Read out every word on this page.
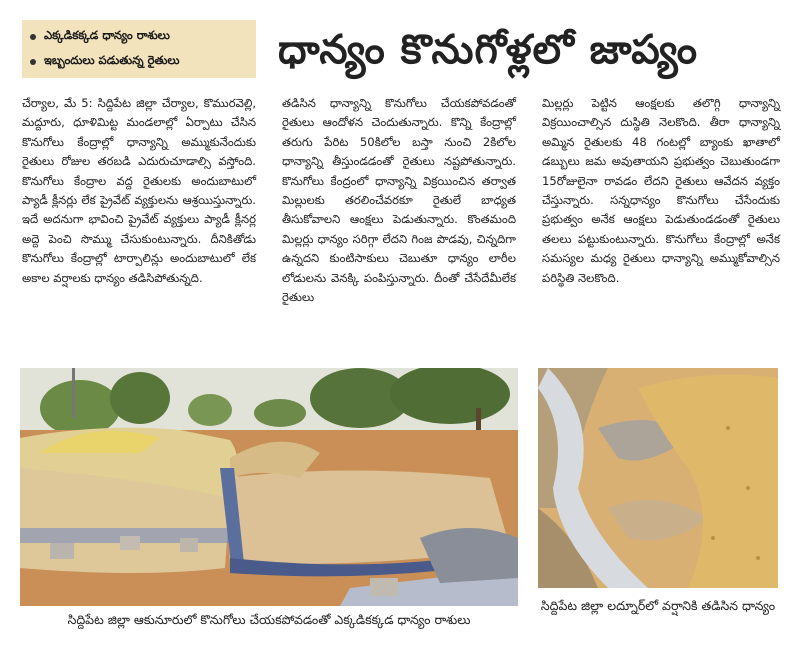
ఎక్కడికక్కడ ధాన్యం రాశులు
ఇబ్బందులు పడుతున్న రైతులు ధాన్యం కొనుగోళ్లలో జాప్యం

చేర్యాల, మే 5: సిద్దిపేట జిల్లా చేర్యాల, కొమురవెల్లి, మద్దూరు, ధూళిమిట్ట మండలాల్లో ఏర్పాటు చేసిన కొనుగోలు కేంద్రాల్లో ధాన్యాన్ని అమ్ముకునేందుకు రైతులు రోజుల తరబడి ఎదురుచూడాల్సి వస్తోంది. కొనుగోలు కేంద్రాల వద్ద రైతులకు అందుబాటులో ప్యాడీ క్లీనర్లు లేక ప్రైవేట్ వ్యక్తులను ఆశ్రయిస్తున్నారు. ఇదే అదనుగా భావించి ప్రైవేట్ వ్యక్తులు ప్యాడీ క్లీనర్ల అద్దె పెంచి సొమ్ము చేసుకుంటున్నారు. దీనికితోడు కొనుగోలు కేంద్రాల్లో టార్పాలిన్లు అందుబాటులో లేక అకాల వర్షాలకు ధాన్యం తడిసిపోతున్నది.

తడిసిన ధాన్యాన్ని కొనుగోలు చేయకపోవడంతో రైతులు ఆందోళన చెందుతున్నారు. కొన్ని కేంద్రాల్లో తరుగు పేరిట 50కిలోల బస్తా నుంచి 2కిలోల ధాన్యాన్ని తీస్తుండడంతో రైతులు నష్టపోతున్నారు. కొనుగోలు కేంద్రంలో ధాన్యాన్ని విక్రయించిన తర్వాత మిల్లులకు తరలించేవరకూ రైతులే బాధ్యత తీసుకోవాలని ఆంక్షలు పెడుతున్నారు. కొంతమంది మిల్లర్లు ధాన్యం సరిగ్గా లేదని గింజ పొడవు, చిన్నదిగా ఉన్నదని కుంటిసాకులు చెబుతూ ధాన్యం లారీల లోడులను వెనక్కి పంపిస్తున్నారు. దీంతో చేసేదేమీలేక రైతులు

మిల్లర్లు పెట్టిన ఆంక్షలకు తలొగ్గి ధాన్యాన్ని విక్రయించాల్సిన దుస్థితి నెలకొంది. తీరా ధాన్యాన్ని అమ్మిన రైతులకు 48 గంటల్లో బ్యాంకు ఖాతాలో డబ్బులు జమ అవుతాయని ప్రభుత్వం చెబుతుండగా 15రోజులైనా రావడం లేదని రైతులు ఆవేదన వ్యక్తం చేస్తున్నారు. సన్నధాన్యం కొనుగోలు చేసేందుకు ప్రభుత్వం అనేక ఆంక్షలు పెడుతుండడంతో రైతులు తలలు పట్టుకుంటున్నారు. కొనుగోలు కేంద్రాల్లో అనేక సమస్యల మధ్య రైతులు ధాన్యాన్ని అమ్ముకోవాల్సిన పరిస్థితి నెలకొంది.

సిద్దిపేట జిల్లా ఆకునూరులో కొనుగోలు చేయకపోవడంతో ఎక్కడికక్కడ ధాన్యం రాశులు
సిద్దిపేట జిల్లా లద్నూర్‌లో వర్షానికి తడిసిన ధాన్యం
